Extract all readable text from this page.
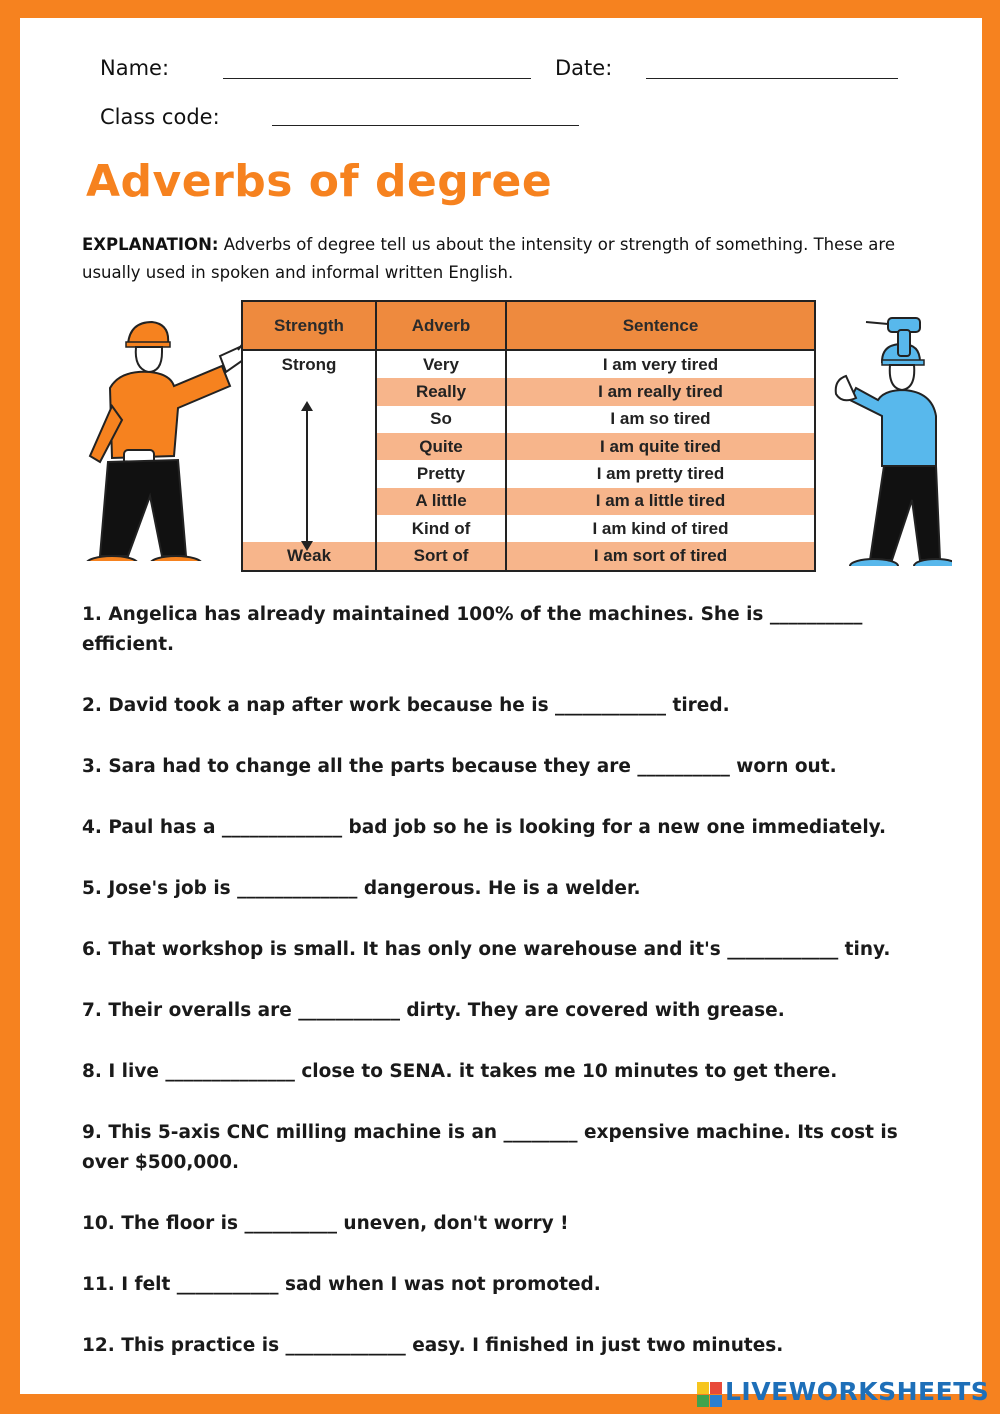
Name:	Date:
Class code:
Adverbs of degree
EXPLANATION: Adverbs of degree tell us about the intensity or strength of something. These are usually used in spoken and informal written English.
Strength	Adverb	Sentence
Strong	Very	I am very tired
	Really	I am really tired
	So	I am so tired
	Quite	I am quite tired
	Pretty	I am pretty tired
	A little	I am a little tired
	Kind of	I am kind of tired
Weak	Sort of	I am sort of tired

1. Angelica has already maintained 100% of the machines. She is __________ efficient.

2. David took a nap after work because he is ____________ tired.

3. Sara had to change all the parts because they are __________ worn out.

4. Paul has a _____________ bad job so he is looking for a new one immediately.

5. Jose's job is _____________ dangerous. He is a welder.

6. That workshop is small. It has only one warehouse and it's ____________ tiny.

7. Their overalls are ___________ dirty. They are covered with grease.

8. I live ______________ close to SENA. it takes me 10 minutes to get there.

9. This 5-axis CNC milling machine is an ________ expensive machine. Its cost is over $500,000.

10. The floor is __________ uneven, don't worry !

11. I felt ___________ sad when I was not promoted.

12. This practice is _____________ easy. I finished in just two minutes.

LIVEWORKSHEETS
